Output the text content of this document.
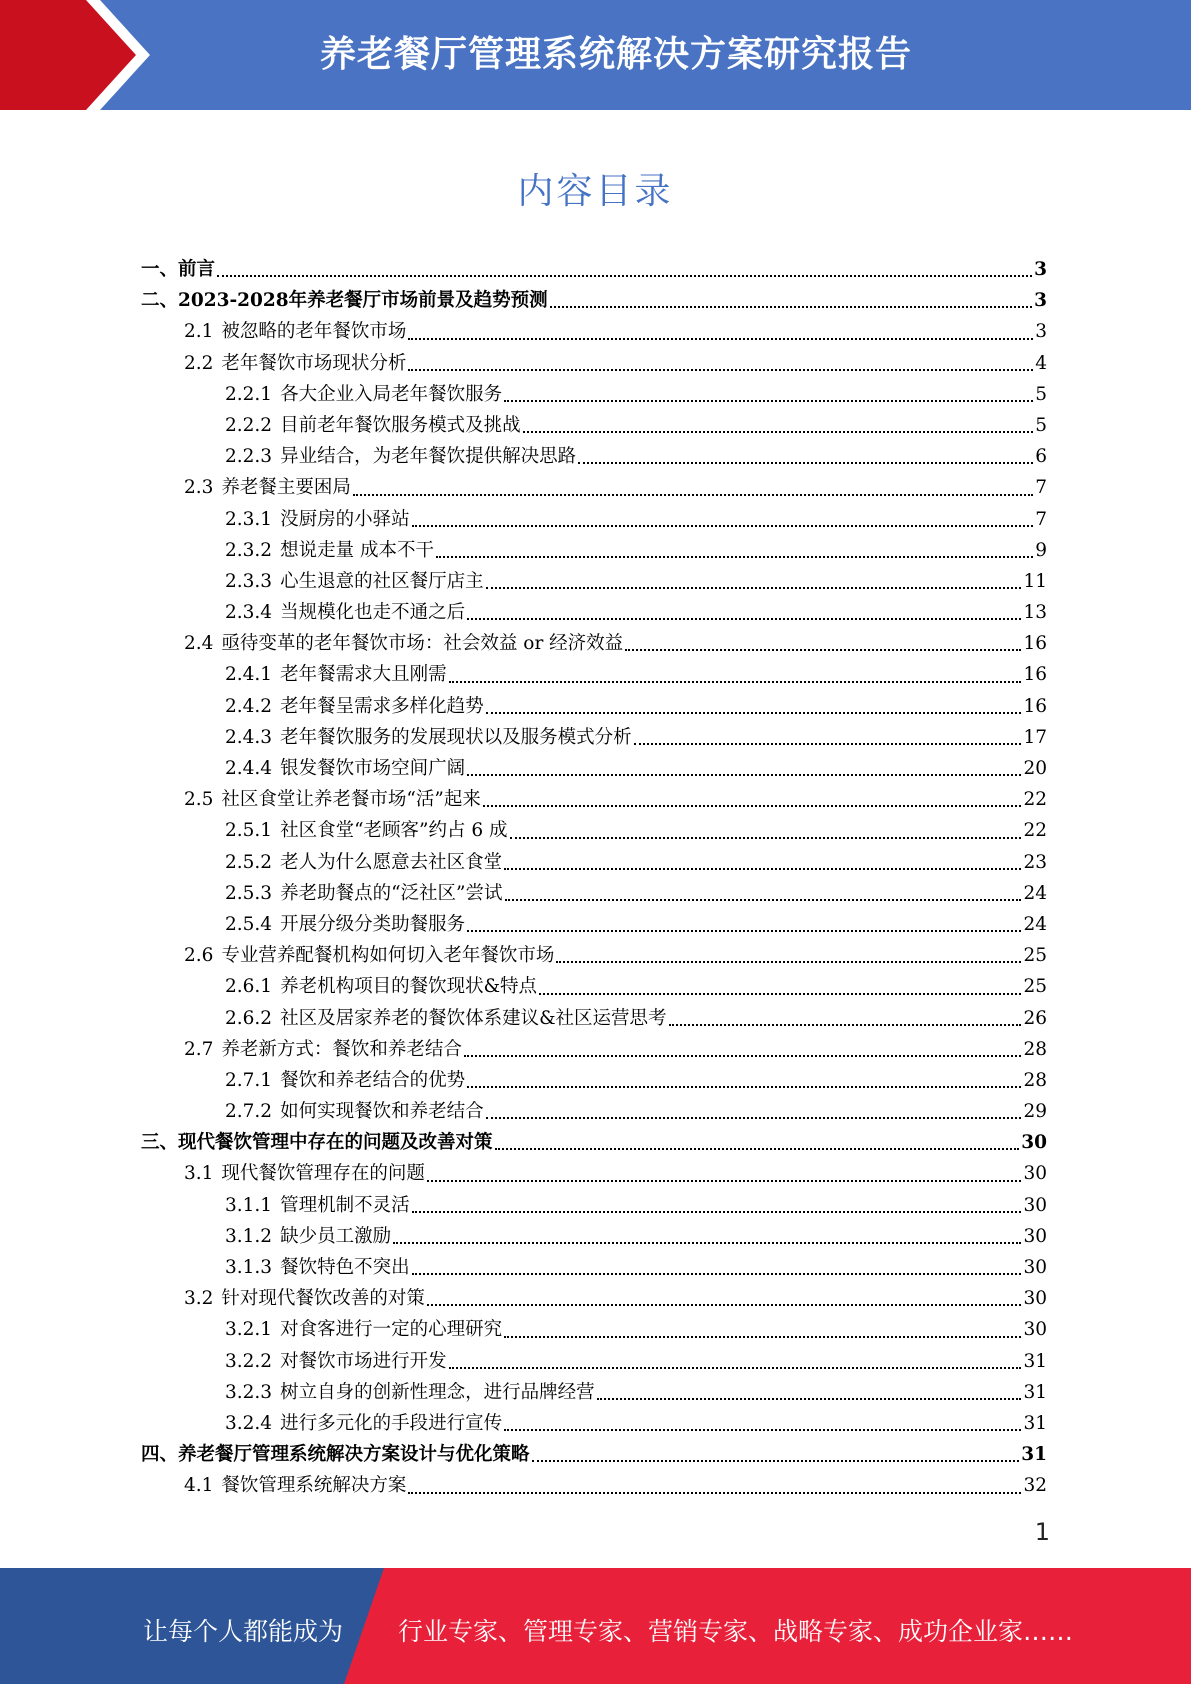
养老餐厅管理系统解决方案研究报告
内容目录
一、 前言	3
二、 2023-2028年养老餐厅市场前景及趋势预测	3
2.1 被忽略的老年餐饮市场	3
2.2 老年餐饮市场现状分析	4
2.2.1 各大企业入局老年餐饮服务	5
2.2.2 目前老年餐饮服务模式及挑战	5
2.2.3 异业结合，为老年餐饮提供解决思路	6
2.3 养老餐主要困局	7
2.3.1 没厨房的小驿站	7
2.3.2 想说走量 成本不干	9
2.3.3 心生退意的社区餐厅店主	11
2.3.4 当规模化也走不通之后	13
2.4 亟待变革的老年餐饮市场：社会效益 or 经济效益	16
2.4.1 老年餐需求大且刚需	16
2.4.2 老年餐呈需求多样化趋势	16
2.4.3 老年餐饮服务的发展现状以及服务模式分析	17
2.4.4 银发餐饮市场空间广阔	20
2.5 社区食堂让养老餐市场“活”起来	22
2.5.1 社区食堂“老顾客”约占 6 成	22
2.5.2 老人为什么愿意去社区食堂	23
2.5.3 养老助餐点的“泛社区”尝试	24
2.5.4 开展分级分类助餐服务	24
2.6 专业营养配餐机构如何切入老年餐饮市场	25
2.6.1 养老机构项目的餐饮现状&特点	25
2.6.2 社区及居家养老的餐饮体系建议&社区运营思考	26
2.7 养老新方式：餐饮和养老结合	28
2.7.1 餐饮和养老结合的优势	28
2.7.2 如何实现餐饮和养老结合	29
三、 现代餐饮管理中存在的问题及改善对策	30
3.1 现代餐饮管理存在的问题	30
3.1.1 管理机制不灵活	30
3.1.2 缺少员工激励	30
3.1.3 餐饮特色不突出	30
3.2 针对现代餐饮改善的对策	30
3.2.1 对食客进行一定的心理研究	30
3.2.2 对餐饮市场进行开发	31
3.2.3 树立自身的创新性理念，进行品牌经营	31
3.2.4 进行多元化的手段进行宣传	31
四、 养老餐厅管理系统解决方案设计与优化策略	31
4.1 餐饮管理系统解决方案	32
1
让每个人都能成为 行业专家、管理专家、营销专家、战略专家、成功企业家……
